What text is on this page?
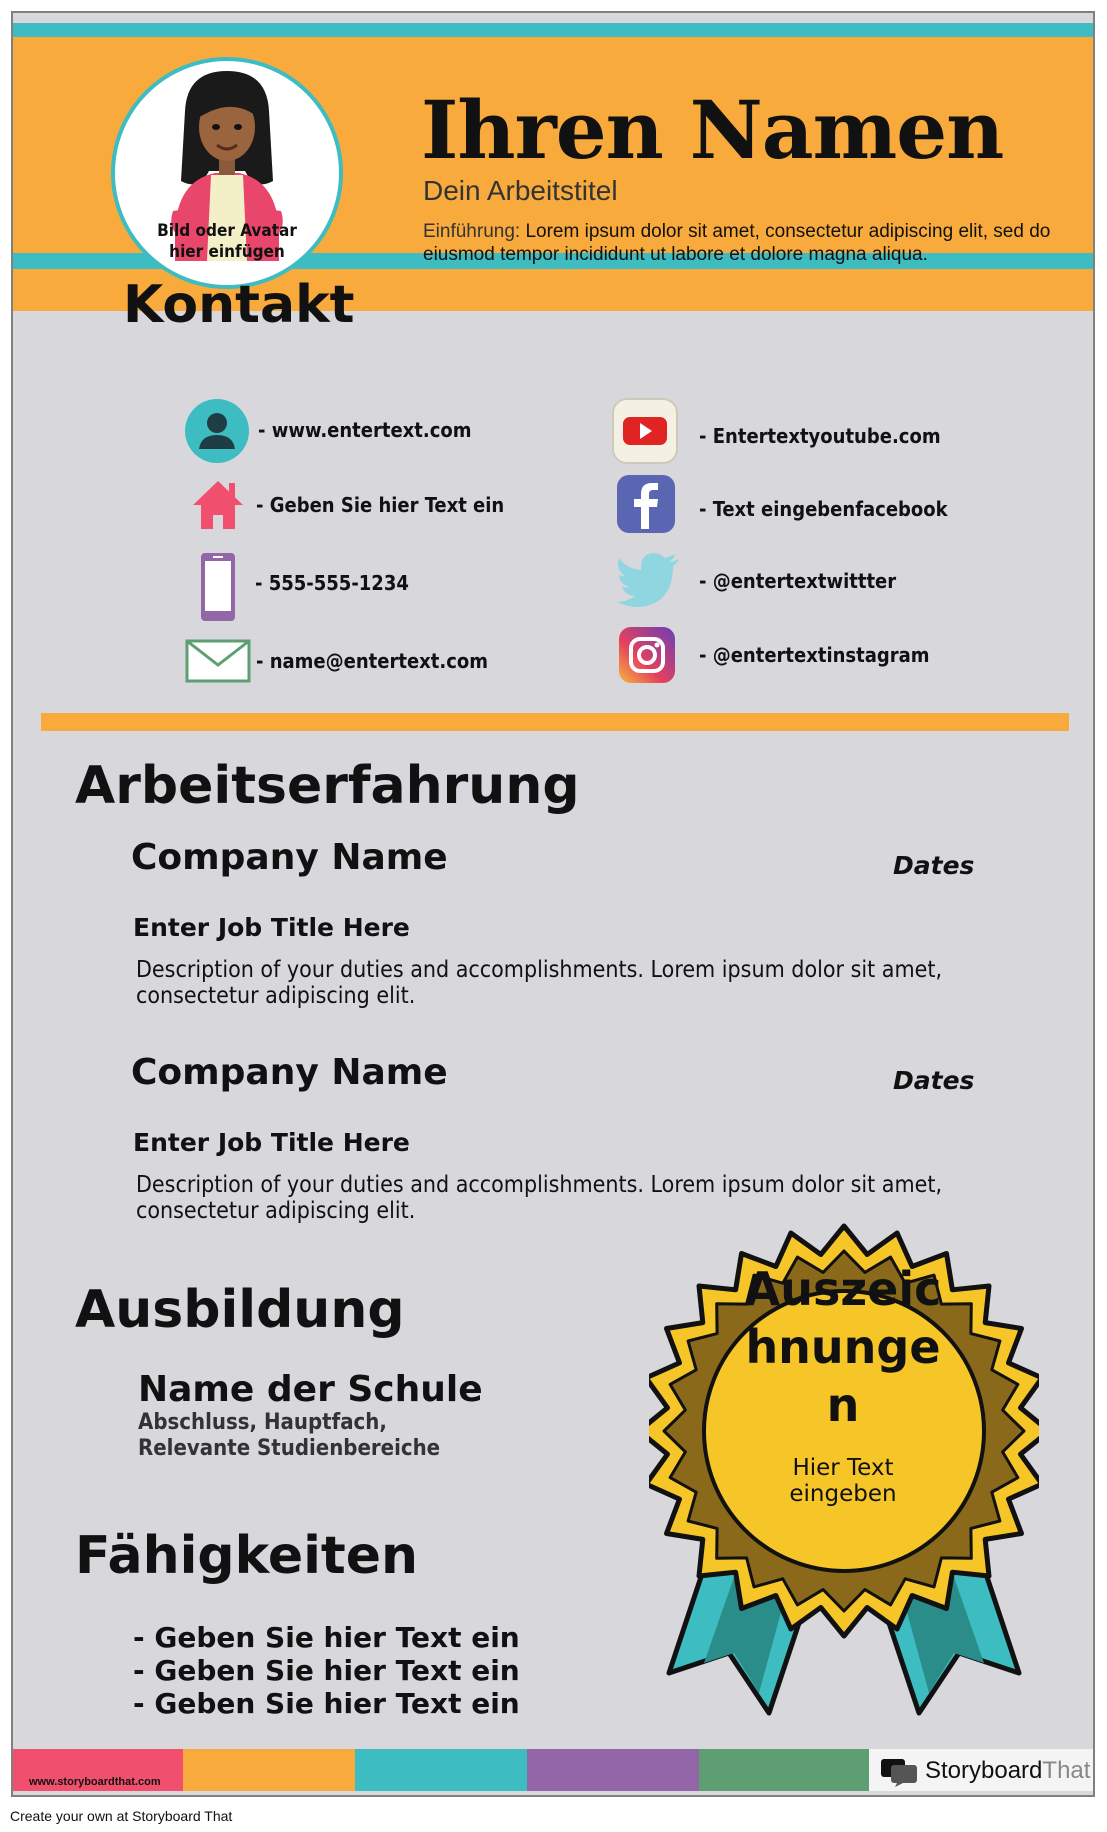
Bild oder Avatar
hier einfügen
Ihren Namen
Dein Arbeitstitel
Einführung: Lorem ipsum dolor sit amet, consectetur adipiscing elit, sed do eiusmod tempor incididunt ut labore et dolore magna aliqua.
Kontakt
- www.entertext.com
- Geben Sie hier Text ein
- 555-555-1234
- name@entertext.com
- Entertextyoutube.com
- Text eingebenfacebook
- @entertextwittter
- @entertextinstagram
Arbeitserfahrung
Company Name	Dates
Enter Job Title Here
Description of your duties and accomplishments. Lorem ipsum dolor sit amet, consectetur adipiscing elit.
Company Name	Dates
Enter Job Title Here
Description of your duties and accomplishments. Lorem ipsum dolor sit amet, consectetur adipiscing elit.
Ausbildung
Name der Schule
Abschluss, Hauptfach,
Relevante Studienbereiche
Fähigkeiten
- Geben Sie hier Text ein
- Geben Sie hier Text ein
- Geben Sie hier Text ein
Auszeic
hnunge
n
Hier Text
eingeben
www.storyboardthat.com	StoryboardThat
Create your own at Storyboard That
